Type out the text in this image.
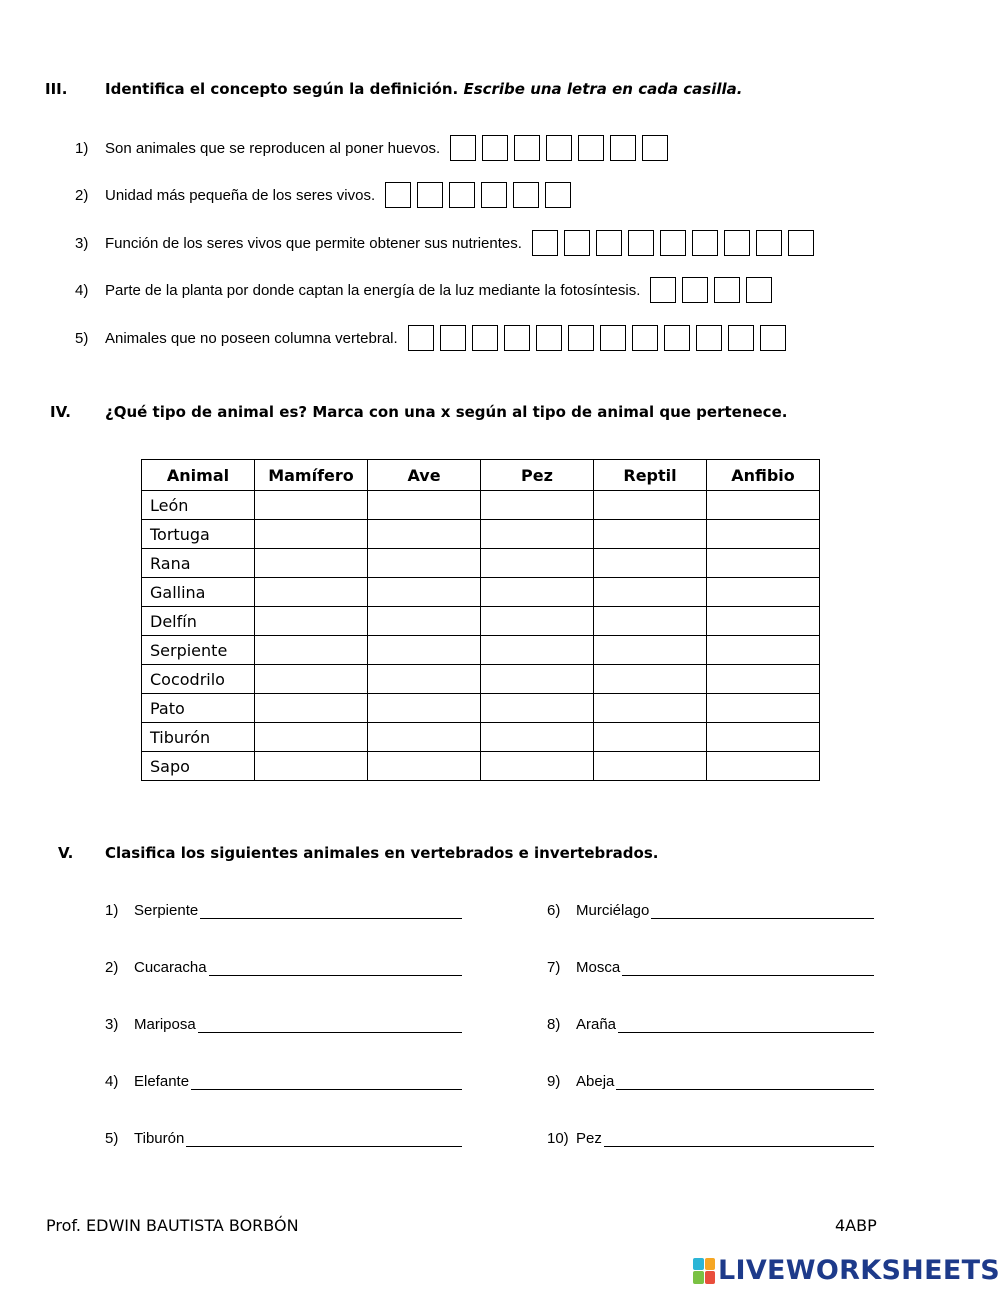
III.	Identifica el concepto según la definición. Escribe una letra en cada casilla.
1)	Son animales que se reproducen al poner huevos.
2)	Unidad más pequeña de los seres vivos.
3)	Función de los seres vivos que permite obtener sus nutrientes.
4)	Parte de la planta por donde captan la energía de la luz mediante la fotosíntesis.
5)	Animales que no poseen columna vertebral.
IV. ¿Qué tipo de animal es? Marca con una x según al tipo de animal que pertenece.
Animal	Mamífero	Ave	Pez	Reptil	Anfibio
León					
Tortuga					
Rana					
Gallina					
Delfín					
Serpiente					
Cocodrilo					
Pato					
Tiburón					
Sapo					
V. Clasifica los siguientes animales en vertebrados e invertebrados.
1)	Serpiente
2)	Cucaracha
3)	Mariposa
4)	Elefante
5)	Tiburón
6)	Murciélago
7)	Mosca
8)	Araña
9)	Abeja
10) Pez
Prof. EDWIN BAUTISTA BORBÓN	4ABP
LIVEWORKSHEETS
